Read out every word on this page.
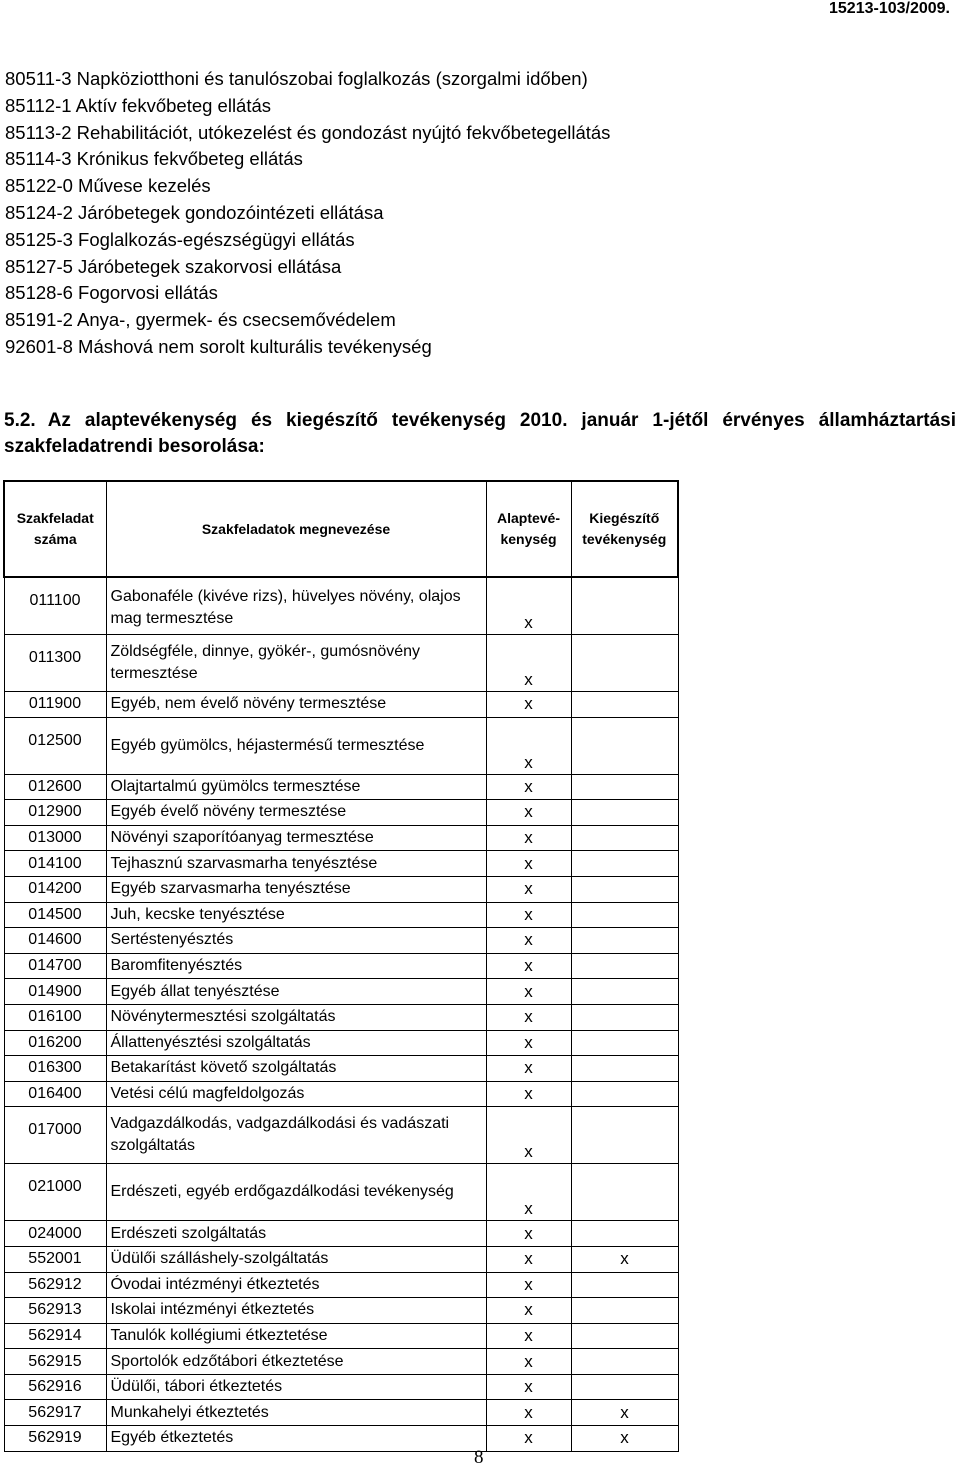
15213-103/2009.
80511-3 Napköziotthoni és tanulószobai foglalkozás (szorgalmi időben)
85112-1 Aktív fekvőbeteg ellátás
85113-2 Rehabilitációt, utókezelést és gondozást nyújtó fekvőbetegellátás
85114-3 Krónikus fekvőbeteg ellátás
85122-0 Művese kezelés
85124-2 Járóbetegek gondozóintézeti ellátása
85125-3 Foglalkozás-egészségügyi ellátás
85127-5 Járóbetegek szakorvosi ellátása
85128-6 Fogorvosi ellátás
85191-2 Anya-, gyermek- és csecsemővédelem
92601-8 Máshová nem sorolt kulturális tevékenység
5.2. Az alaptevékenység és kiegészítő tevékenység 2010. január 1-jétől érvényes államháztartási szakfeladatrendi besorolása:
Szakfeladat száma	Szakfeladatok megnevezése	Alaptevé-kenység	Kiegészítő tevékenység
011100	Gabonaféle (kivéve rizs), hüvelyes növény, olajos mag termesztése	x	
011300	Zöldségféle, dinnye, gyökér-, gumósnövény termesztése	x	
011900	Egyéb, nem évelő növény termesztése	x	
012500	Egyéb gyümölcs, héjastermésű termesztése	x	
012600	Olajtartalmú gyümölcs termesztése	x	
012900	Egyéb évelő növény termesztése	x	
013000	Növényi szaporítóanyag termesztése	x	
014100	Tejhasznú szarvasmarha tenyésztése	x	
014200	Egyéb szarvasmarha tenyésztése	x	
014500	Juh, kecske tenyésztése	x	
014600	Sertéstenyésztés	x	
014700	Baromfitenyésztés	x	
014900	Egyéb állat tenyésztése	x	
016100	Növénytermesztési szolgáltatás	x	
016200	Állattenyésztési szolgáltatás	x	
016300	Betakarítást követő szolgáltatás	x	
016400	Vetési célú magfeldolgozás	x	
017000	Vadgazdálkodás, vadgazdálkodási és vadászati szolgáltatás	x	
021000	Erdészeti, egyéb erdőgazdálkodási tevékenység	x	
024000	Erdészeti szolgáltatás	x	
552001	Üdülői szálláshely-szolgáltatás	x	x
562912	Óvodai intézményi étkeztetés	x	
562913	Iskolai intézményi étkeztetés	x	
562914	Tanulók kollégiumi étkeztetése	x	
562915	Sportolók edzőtábori étkeztetése	x	
562916	Üdülői, tábori étkeztetés	x	
562917	Munkahelyi étkeztetés	x	x
562919	Egyéb étkeztetés	x	x
8
